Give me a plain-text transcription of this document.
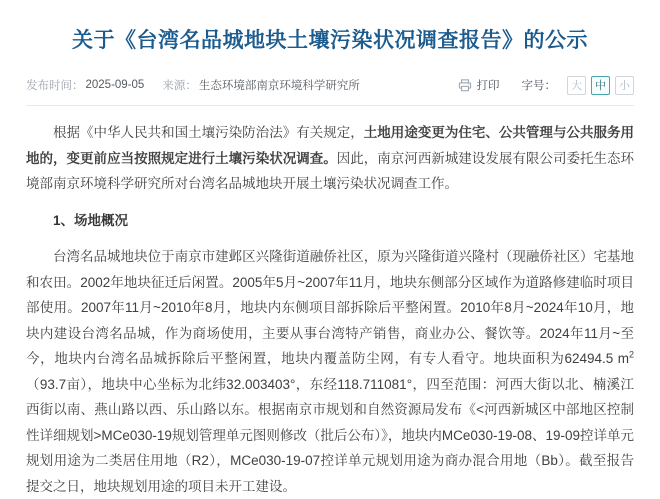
关于《台湾名品城地块土壤污染状况调查报告》的公示
发布时间： 2025-09-05 来源： 生态环境部南京环境科学研究所	打印 字号：	大	中	小

根据《中华人民共和国土壤污染防治法》有关规定，土地用途变更为住宅、公共管理与公共服务用地的，变更前应当按照规定进行土壤污染状况调查。因此，南京河西新城建设发展有限公司委托生态环境部南京环境科学研究所对台湾名品城地块开展土壤污染状况调查工作。

1、场地概况

台湾名品城地块位于南京市建邺区兴隆街道融侨社区，原为兴隆街道兴隆村（现融侨社区）宅基地和农田。2002年地块征迁后闲置。2005年5月~2007年11月，地块东侧部分区域作为道路修建临时项目部使用。2007年11月~2010年8月，地块内东侧项目部拆除后平整闲置。2010年8月~2024年10月，地块内建设台湾名品城，作为商场使用，主要从事台湾特产销售，商业办公、餐饮等。2024年11月~至今，地块内台湾名品城拆除后平整闲置，地块内覆盖防尘网，有专人看守。地块面积为62494.5 $m^2(93.7$亩），地块中心坐标为北纬32.003403°，东经118.711081°，四至范围：河西大街以北、楠溪江西街以南、燕山路以西、乐山路以东。根据南京市规划和自然资源局发布《<河西新城区中部地区控制性详细规划>MCe030-19规划管理单元图则修改（批后公布）》，地块内MCe030-19-08、19-09控详单元规划用途为二类居住用地（R2），MCe030-19-07控详单元规划用途为商办混合用地（Bb）。截至报告提交之日，地块规划用途的项目未开工建设。
